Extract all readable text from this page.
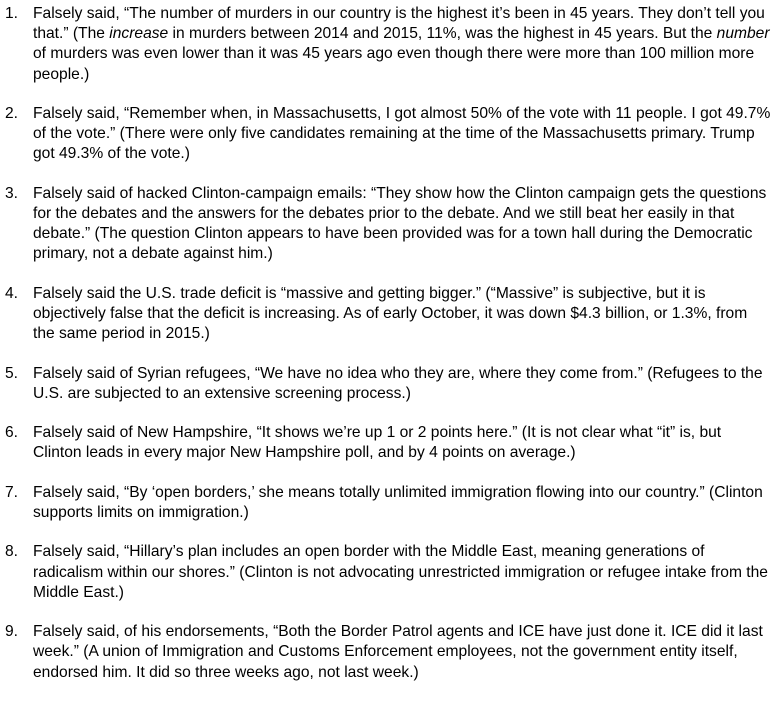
1. Falsely said, “The number of murders in our country is the highest it’s been in 45 years. They don’t tell you that.” (The increase in murders between 2014 and 2015, 11%, was the highest in 45 years. But the number of murders was even lower than it was 45 years ago even though there were more than 100 million more people.)
2. Falsely said, “Remember when, in Massachusetts, I got almost 50% of the vote with 11 people. I got 49.7% of the vote.” (There were only five candidates remaining at the time of the Massachusetts primary. Trump got 49.3% of the vote.)
3. Falsely said of hacked Clinton-campaign emails: “They show how the Clinton campaign gets the questions for the debates and the answers for the debates prior to the debate. And we still beat her easily in that debate.” (The question Clinton appears to have been provided was for a town hall during the Democratic primary, not a debate against him.)
4. Falsely said the U.S. trade deficit is “massive and getting bigger.” (“Massive” is subjective, but it is objectively false that the deficit is increasing. As of early October, it was down $4.3 billion, or 1.3%, from the same period in 2015.)
5. Falsely said of Syrian refugees, “We have no idea who they are, where they come from.” (Refugees to the U.S. are subjected to an extensive screening process.)
6. Falsely said of New Hampshire, “It shows we’re up 1 or 2 points here.” (It is not clear what “it” is, but Clinton leads in every major New Hampshire poll, and by 4 points on average.)
7. Falsely said, “By ‘open borders,’ she means totally unlimited immigration flowing into our country.” (Clinton supports limits on immigration.)
8. Falsely said, “Hillary’s plan includes an open border with the Middle East, meaning generations of radicalism within our shores.” (Clinton is not advocating unrestricted immigration or refugee intake from the Middle East.)
9. Falsely said, of his endorsements, “Both the Border Patrol agents and ICE have just done it. ICE did it last week.” (A union of Immigration and Customs Enforcement employees, not the government entity itself, endorsed him. It did so three weeks ago, not last week.)
